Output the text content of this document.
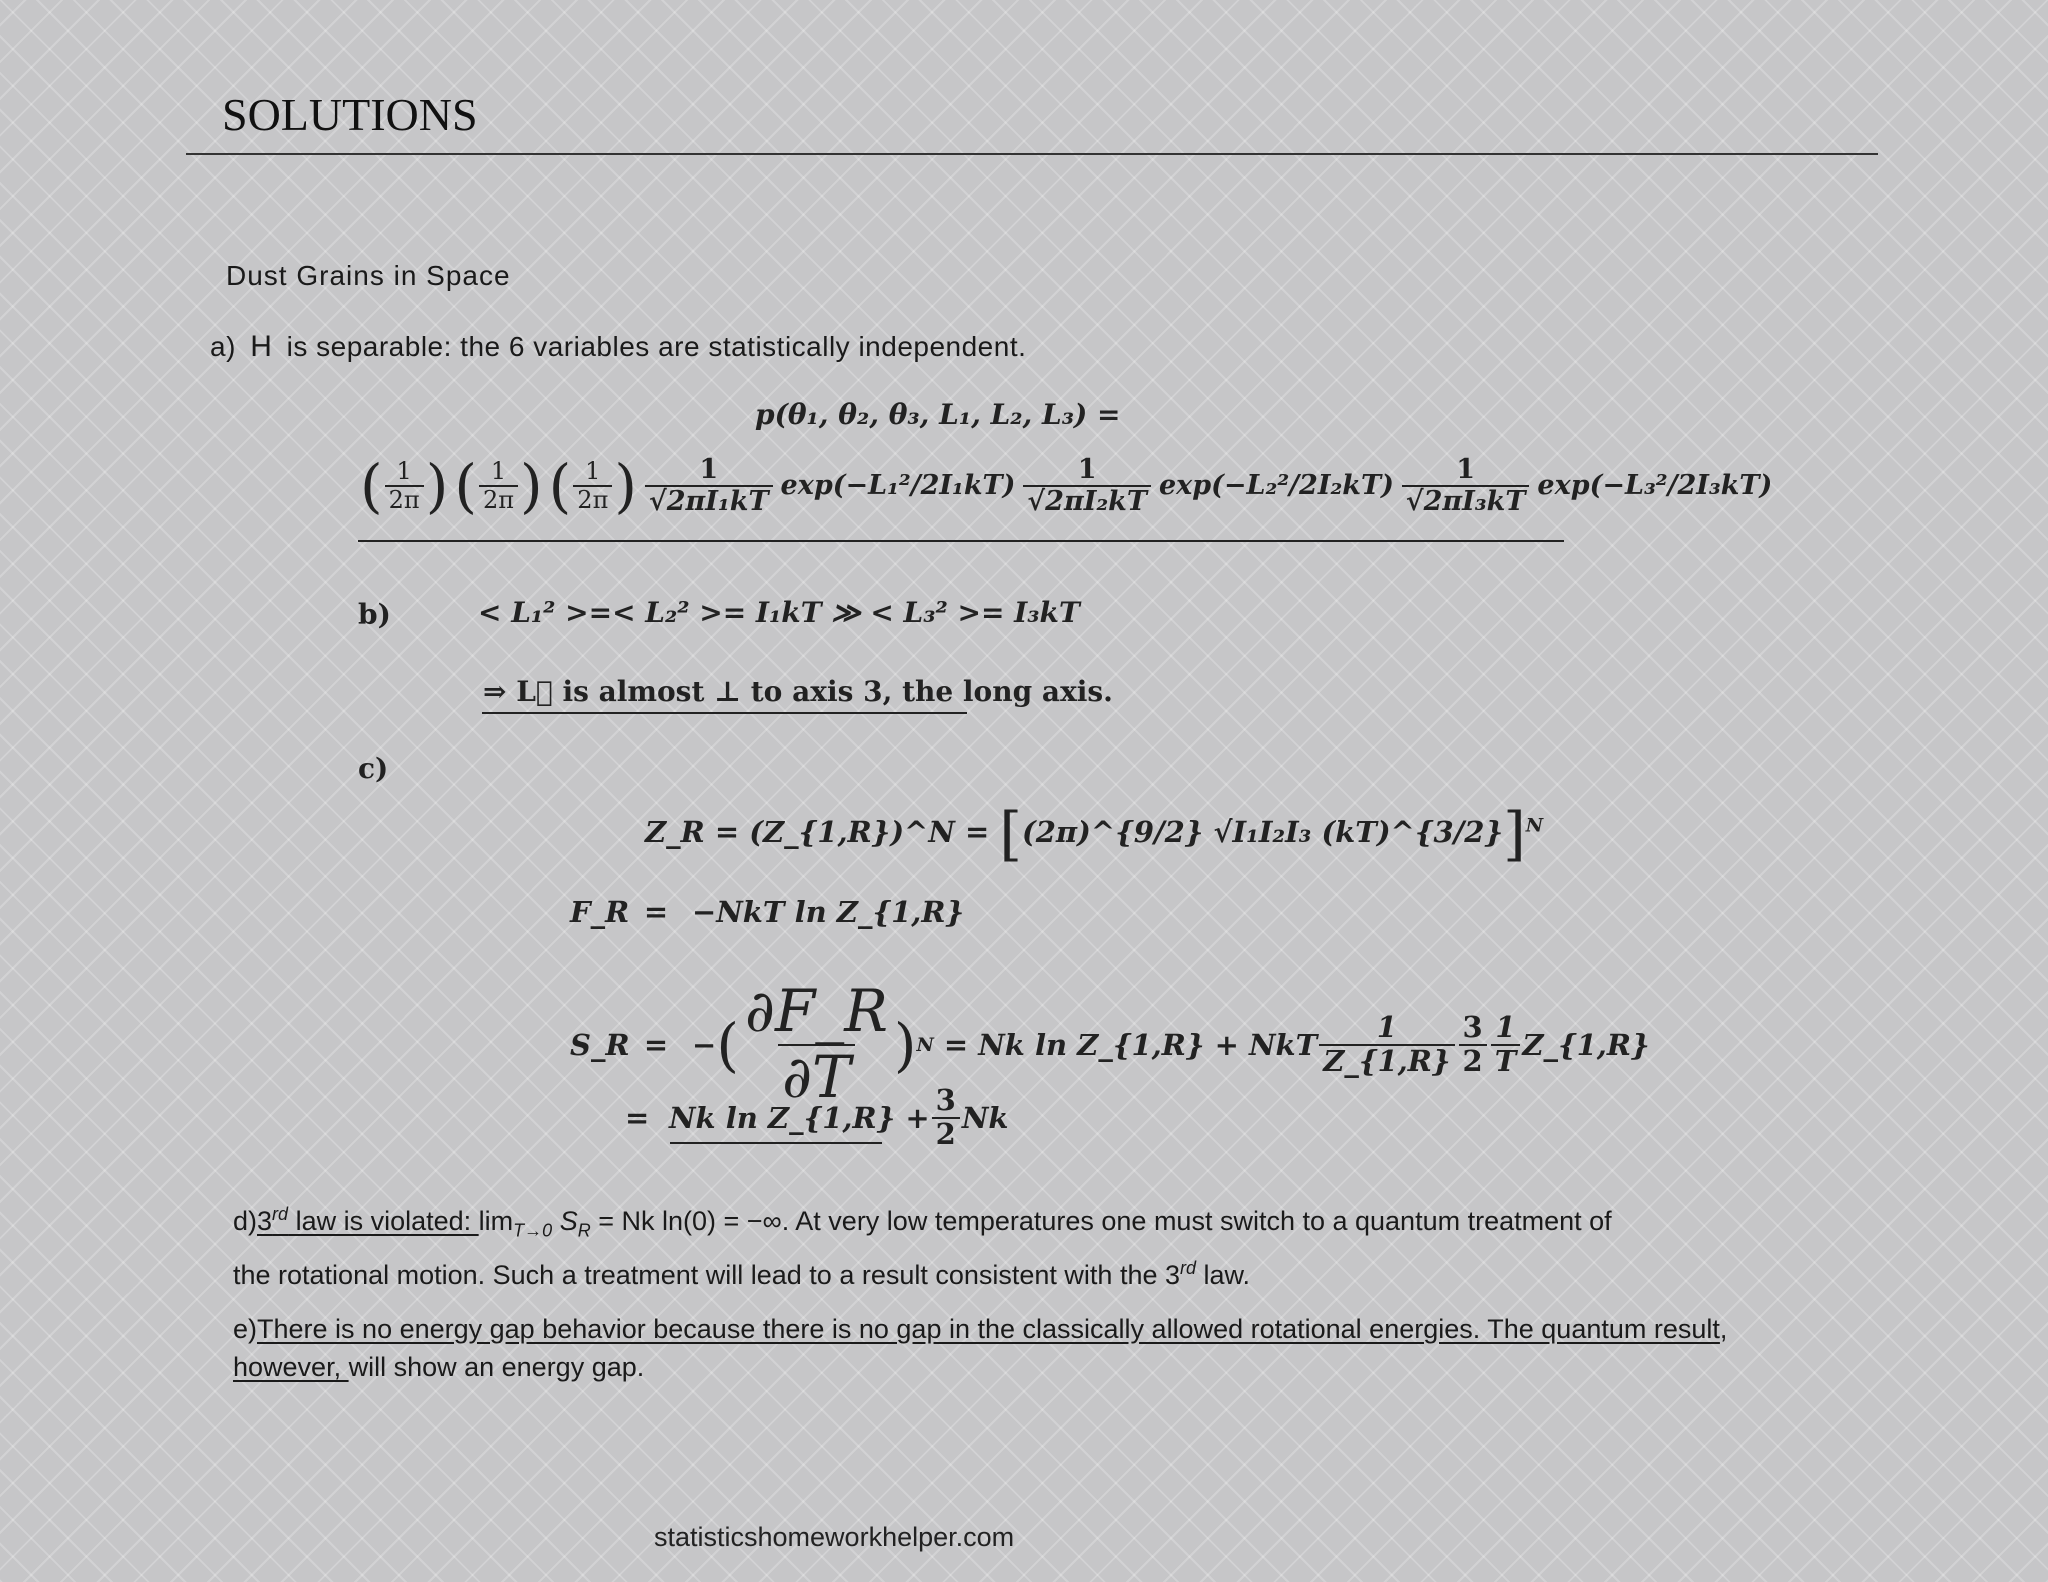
SOLUTIONS
Dust Grains in Space
a) H is separable: the 6 variables are statistically independent.
p(θ₁, θ₂, θ₃, L₁, L₂, L₃) =
( $\frac{1}{2\pi}$ ) ( $\frac{1}{2\pi}$ ) ( $\frac{1}{2\pi}$ ) $\frac{1}{\text{√2πI₁kT}} \exp(-L_1^2/2I_1kT) \frac{1}{\text{√2πI₂kT}} \exp(-L_2^2/2I_2kT) \frac{1}{\text{√2πI₃kT}} \exp(-L_3^2/2I_3kT)$
b)	< L₁² >=< L₂² >= I₁kT ≫ < L₃² >= I₃kT
⇒ L⃗ is almost ⊥ to axis 3, the long axis.
c)
Z_R = (Z_{1,R})^N = [(2π)^{9/2} √I₁I₂I₃ (kT)^{3/2}]$^N$
F_R = −NkT ln Z_{1,R}
S_R = − ( $\frac{\partial F\_R}{\partial T}$ ) N = Nk ln Z_{1,R} + NkT $\frac{1}{Z\_\{1,R\}} \frac{3}{2} \frac{1}{T}$ Z_{1,R}
= Nk ln Z_{1,R} + $\frac{3}{2}$ Nk
d)3rd law is violated: $\lim_{T\to 0} S_R = Nk$ ln(0) = −∞. At very low temperatures one must switch to a quantum treatment of
the rotational motion. Such a treatment will lead to a result consistent with the 3rd law.
e)There is no energy gap behavior because there is no gap in the classically allowed rotational energies. The quantum result,
however, will show an energy gap.
statisticshomeworkhelper.com
